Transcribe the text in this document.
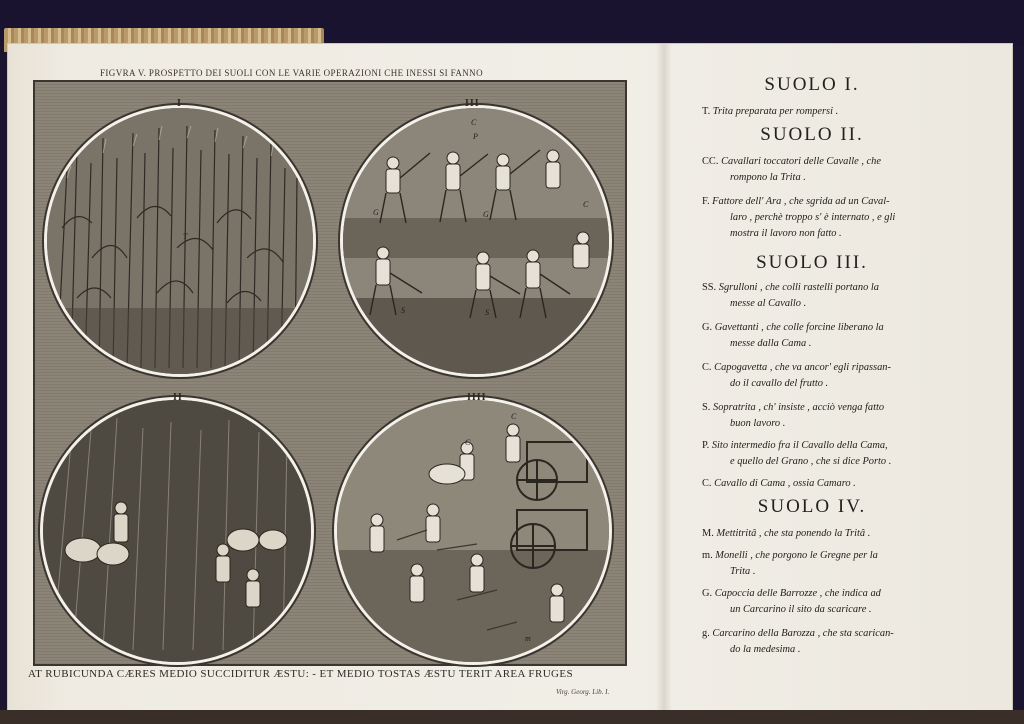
FIGVRA V. PROSPETTO DEI SUOLI CON LE VARIE OPERAZIONI CHE INESSI SI FANNO
I
T
III
C
P
G	G
C
S	S
II	IIII
C
C
m
AT RUBICUNDA CÆRES MEDIO SUCCIDITUR ÆSTU: - ET MEDIO TOSTAS ÆSTU TERIT AREA FRUGES
Virg. Georg. Lib. I.
SUOLO I.
T. Trita preparata per rompersi .
SUOLO II.
CC. Cavallari toccatori delle Cavalle , che
rompono la Trita .
F. Fattore dell' Ara , che sgrida ad un Caval-
laro , perchè troppo s' è internato , e gli
mostra il lavoro non fatto .
SUOLO III.
SS. Sgrulloni , che colli rastelli portano la
messe al Cavallo .
G. Gavettanti , che colle forcine liberano la
messe dalla Cama .
C. Capogavetta , che va ancor' egli ripassan-
do il cavallo del frutto .
S. Sopratrita , ch' insiste , acciò venga fatto
buon lavoro .
P. Sito intermedio fra il Cavallo della Cama,
e quello del Grano , che si dice Porto .
C. Cavallo di Cama , ossia Camaro .
SUOLO IV.
M. Mettitritâ , che sta ponendo la Tritâ .
m. Monelli , che porgono le Gregne per la
Trita .
G. Capoccia delle Barrozze , che indica ad
un Carcarino il sito da scaricare .
g. Carcarino della Barozza , che sta scarican-
do la medesima .
